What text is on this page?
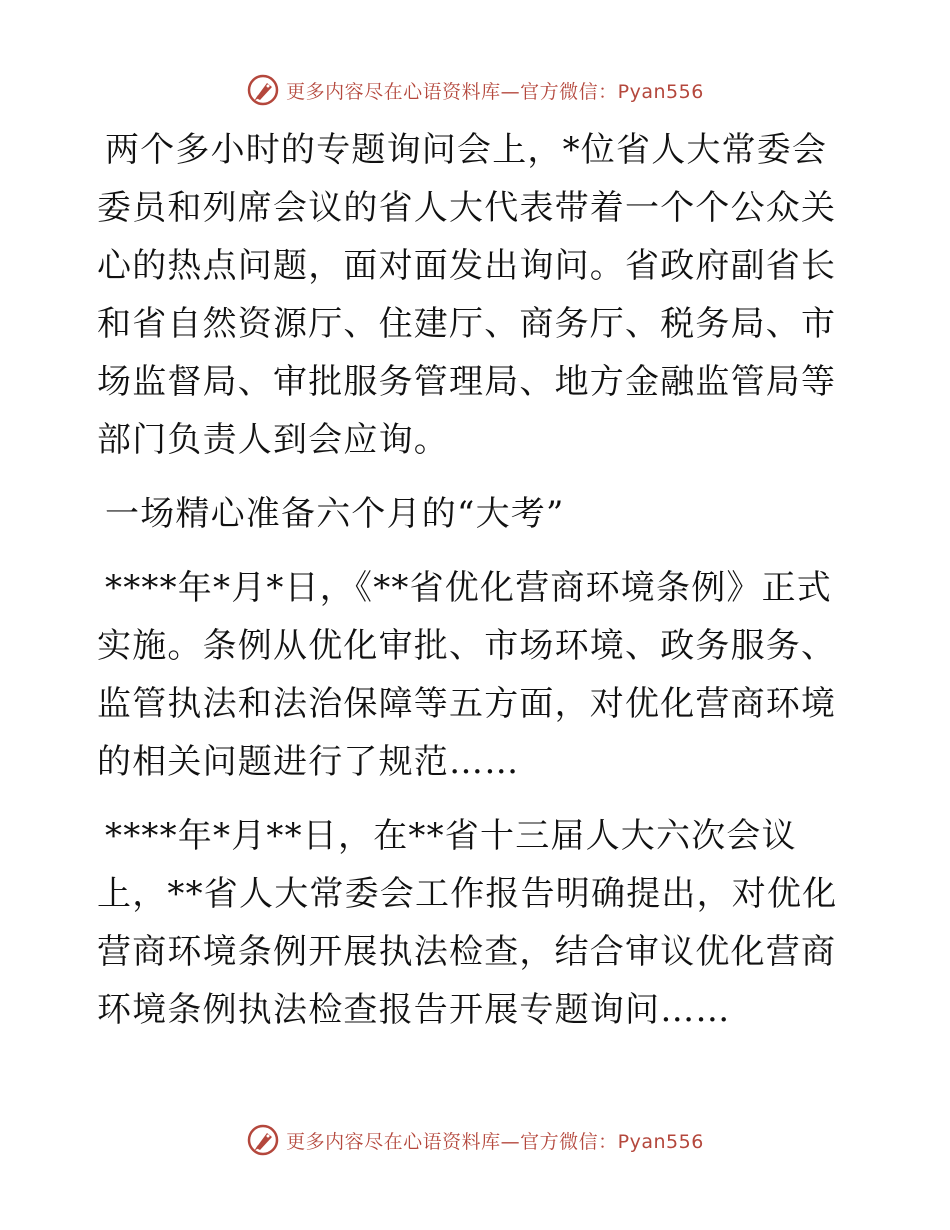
更多内容尽在心语资料库—官方微信：Pyan556

两个多小时的专题询问会上，*位省人大常委会委员和列席会议的省人大代表带着一个个公众关心的热点问题，面对面发出询问。省政府副省长和省自然资源厅、住建厅、商务厅、税务局、市场监督局、审批服务管理局、地方金融监管局等部门负责人到会应询。

一场精心准备六个月的“大考”

****年*月*日，《**省优化营商环境条例》正式实施。条例从优化审批、市场环境、政务服务、监管执法和法治保障等五方面，对优化营商环境的相关问题进行了规范……

****年*月**日，在**省十三届人大六次会议上，**省人大常委会工作报告明确提出，对优化营商环境条例开展执法检查，结合审议优化营商环境条例执法检查报告开展专题询问……

更多内容尽在心语资料库—官方微信：Pyan556
